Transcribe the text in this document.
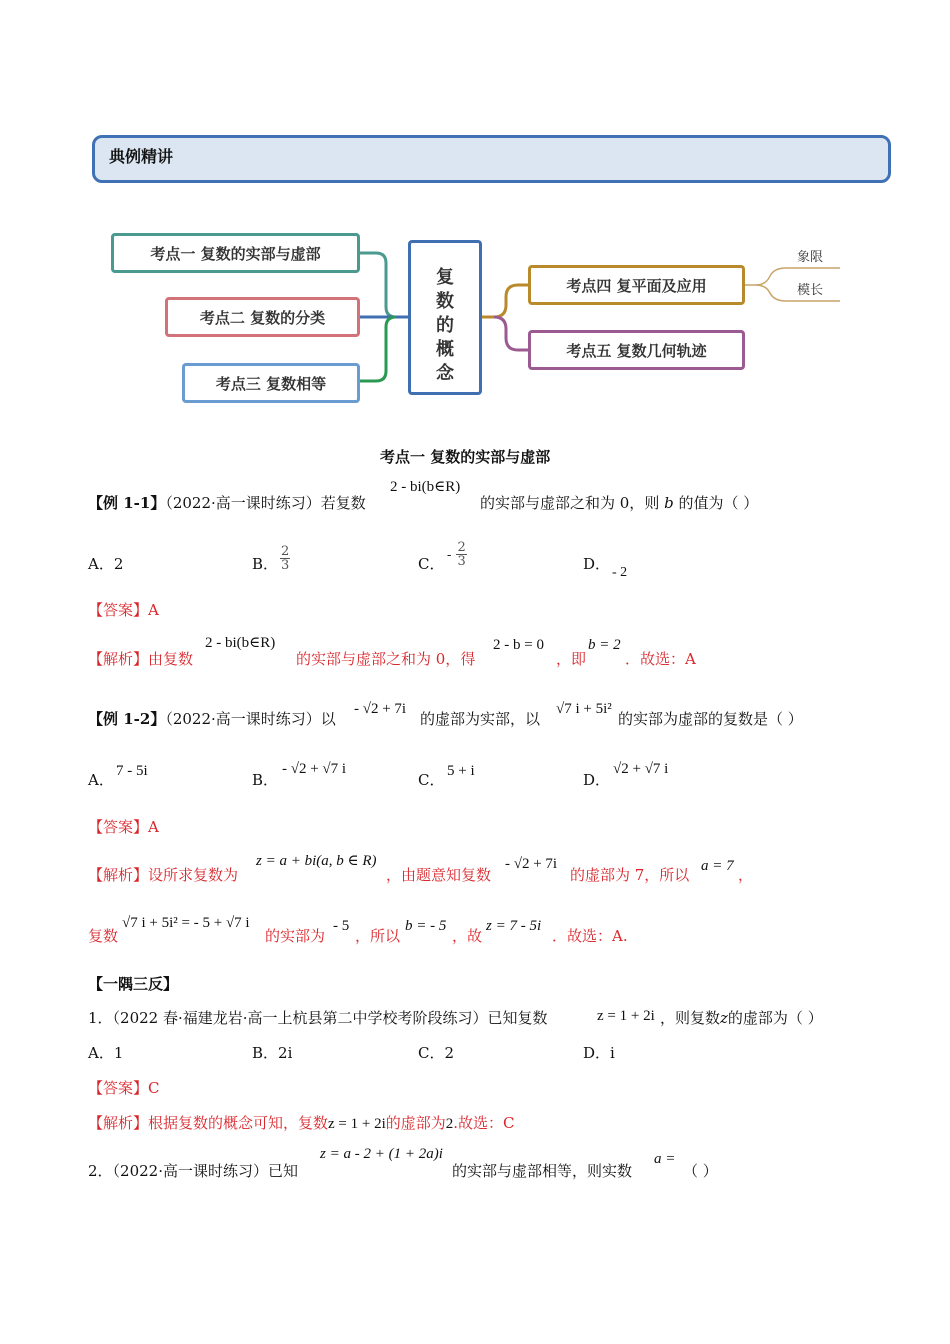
典例精讲
考点一 复数的实部与虚部
考点二 复数的分类
考点三 复数相等
复
数
的
概
念
考点四 复平面及应用
考点五 复数几何轨迹
象限
模长
考点一 复数的实部与虚部
【例 1-1】（2022·高一课时练习）若复数
2 - bi(b∈R)
的实部与虚部之和为 0，则 b 的值为（ ）
A．2	B． $\frac{2}{3}$	C．
- $\frac{2}{3}$	D． - 2
【答案】A
【解析】由复数
2 - bi(b∈R)
的实部与虚部之和为 0，得
2 - b = 0
，即
b = 2
．故选：A
【例 1-2】（2022·高一课时练习）以
- √2 + 7i
的虚部为实部，以
√7 i + 5i²
的实部为虚部的复数是（ ）
A． 7 - 5i	B．
- √2 + √7 i
C． 5 + i	D．
√2 + √7 i
【答案】A
【解析】设所求复数为
z = a + bi(a, b ∈ R)
，由题意知复数
- √2 + 7i
的虚部为 7，所以 a = 7 ，
复数
√7 i + 5i² = - 5 + √7 i
的实部为
- 5
，所以
b = - 5
，故
z = 7 - 5i
．故选：A.
【一隅三反】
1．（2022 春·福建龙岩·高一上杭县第二中学校考阶段练习）已知复数	z = 1 + 2i ，则复数z的虚部为（ ）
A．1	B．2i	C．2	D．i
【答案】C
【解析】根据复数的概念可知，复数z = 1 + 2i的虚部为2.故选：C
2．（2022·高一课时练习）已知
z = a - 2 + (1 + 2a)i
的实部与虚部相等，则实数
a =
（ ）
